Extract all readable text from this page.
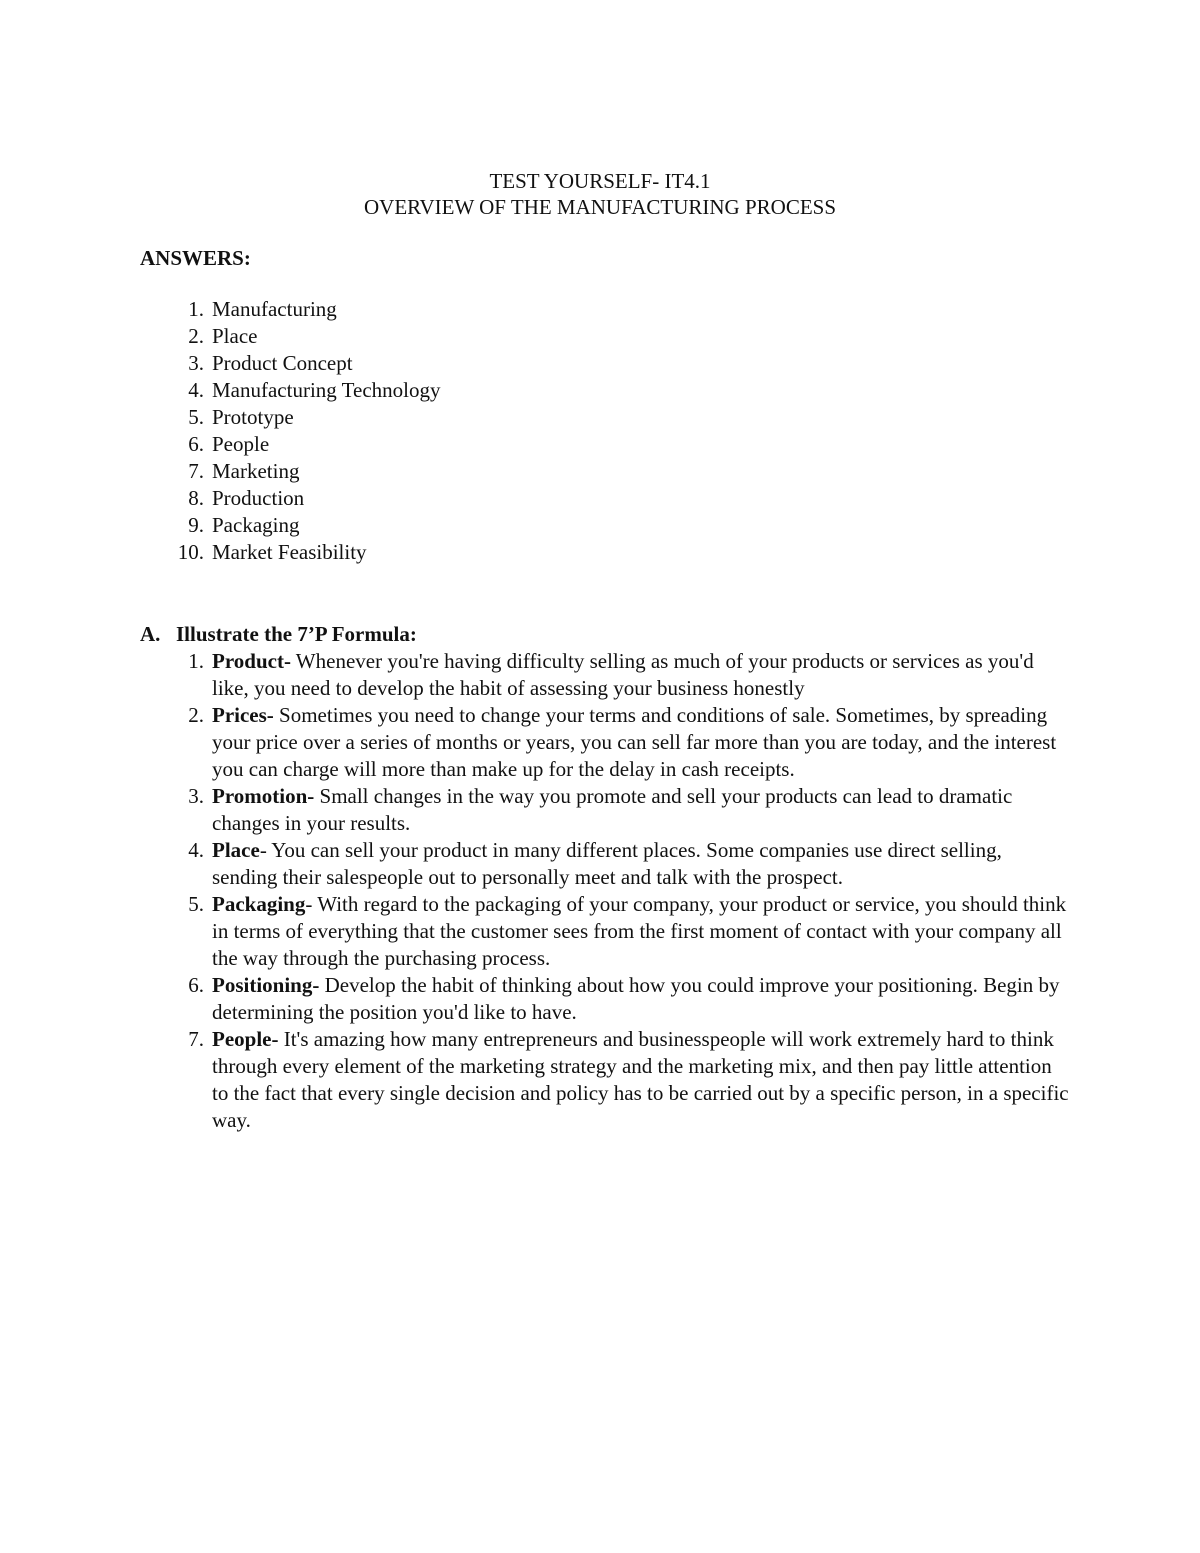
TEST YOURSELF- IT4.1
OVERVIEW OF THE MANUFACTURING PROCESS
ANSWERS:
1. Manufacturing
2. Place
3. Product Concept
4. Manufacturing Technology
5. Prototype
6. People
7. Marketing
8. Production
9. Packaging
10. Market Feasibility
A. Illustrate the 7’P Formula:
1. Product- Whenever you're having difficulty selling as much of your products or services as you'd like, you need to develop the habit of assessing your business honestly
2. Prices- Sometimes you need to change your terms and conditions of sale. Sometimes, by spreading your price over a series of months or years, you can sell far more than you are today, and the interest you can charge will more than make up for the delay in cash receipts.
3. Promotion- Small changes in the way you promote and sell your products can lead to dramatic changes in your results.
4. Place- You can sell your product in many different places. Some companies use direct selling, sending their salespeople out to personally meet and talk with the prospect.
5. Packaging- With regard to the packaging of your company, your product or service, you should think in terms of everything that the customer sees from the first moment of contact with your company all the way through the purchasing process.
6. Positioning- Develop the habit of thinking about how you could improve your positioning. Begin by determining the position you'd like to have.
7. People- It's amazing how many entrepreneurs and businesspeople will work extremely hard to think through every element of the marketing strategy and the marketing mix, and then pay little attention to the fact that every single decision and policy has to be carried out by a specific person, in a specific way.
